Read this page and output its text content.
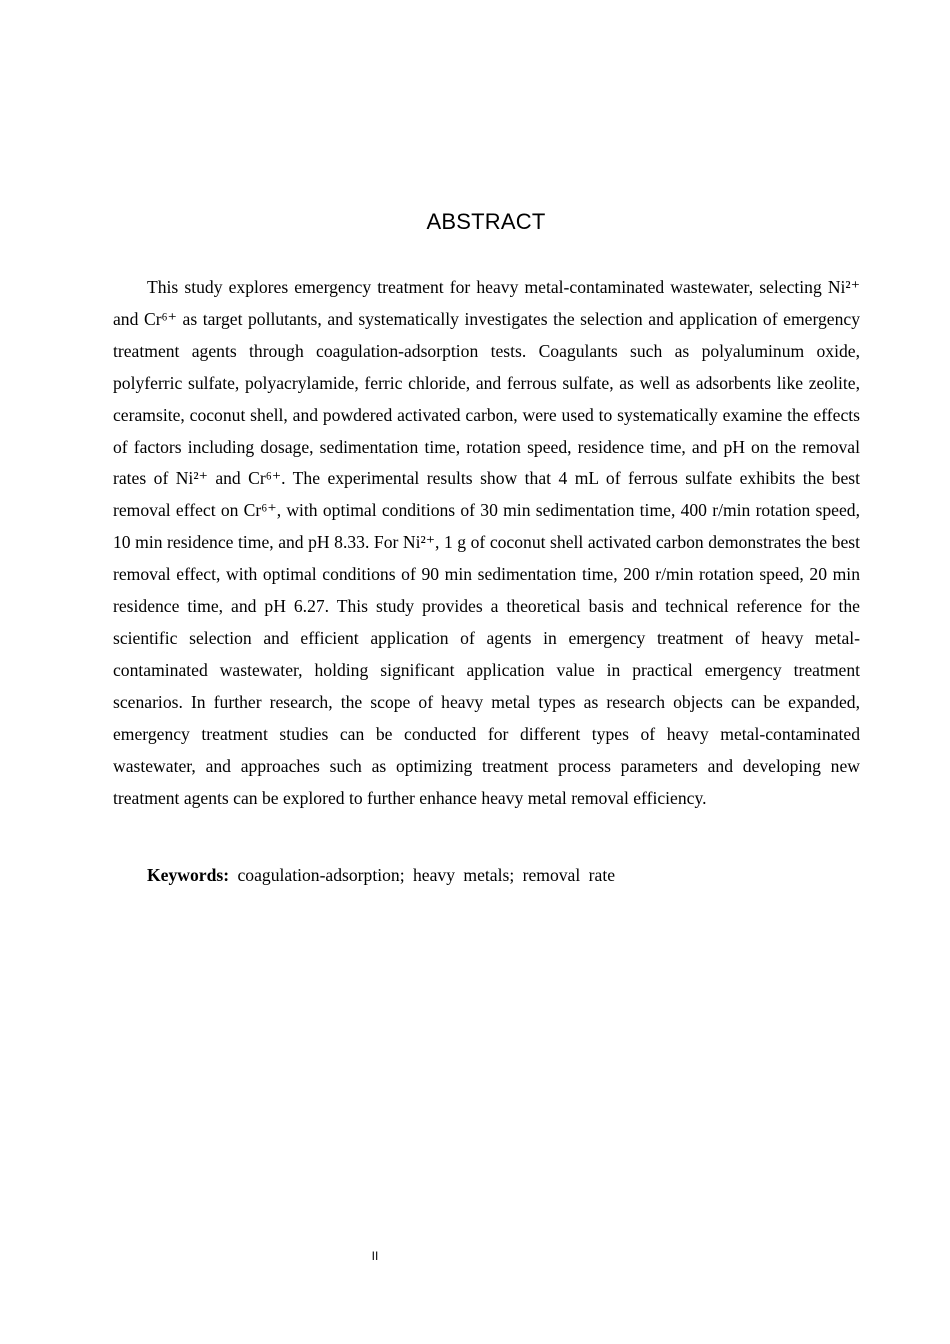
ABSTRACT

This study explores emergency treatment for heavy metal-contaminated wastewater, selecting Ni²⁺ and Cr⁶⁺ as target pollutants, and systematically investigates the selection and application of emergency treatment agents through coagulation-adsorption tests. Coagulants such as polyaluminum oxide, polyferric sulfate, polyacrylamide, ferric chloride, and ferrous sulfate, as well as adsorbents like zeolite, ceramsite, coconut shell, and powdered activated carbon, were used to systematically examine the effects of factors including dosage, sedimentation time, rotation speed, residence time, and pH on the removal rates of Ni²⁺ and Cr⁶⁺. The experimental results show that 4 mL of ferrous sulfate exhibits the best removal effect on Cr⁶⁺, with optimal conditions of 30 min sedimentation time, 400 r/min rotation speed, 10 min residence time, and pH 8.33. For Ni²⁺, 1 g of coconut shell activated carbon demonstrates the best removal effect, with optimal conditions of 90 min sedimentation time, 200 r/min rotation speed, 20 min residence time, and pH 6.27. This study provides a theoretical basis and technical reference for the scientific selection and efficient application of agents in emergency treatment of heavy metal-contaminated wastewater, holding significant application value in practical emergency treatment scenarios. In further research, the scope of heavy metal types as research objects can be expanded, emergency treatment studies can be conducted for different types of heavy metal-contaminated wastewater, and approaches such as optimizing treatment process parameters and developing new treatment agents can be explored to further enhance heavy metal removal efficiency.

Keywords: coagulation-adsorption; heavy metals; removal rate

II
